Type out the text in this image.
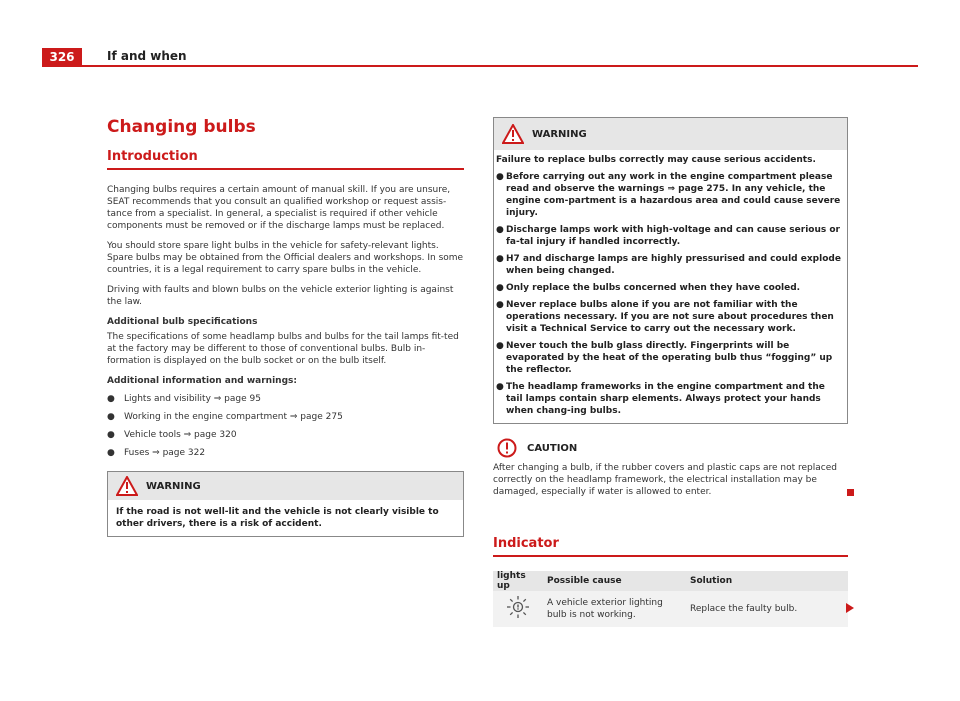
326	If and when
Changing bulbs
Introduction

Changing bulbs requires a certain amount of manual skill. If you are unsure, SEAT recommends that you consult an qualified workshop or request assis-tance from a specialist. In general, a specialist is required if other vehicle components must be removed or if the discharge lamps must be replaced.

You should store spare light bulbs in the vehicle for safety-relevant lights. Spare bulbs may be obtained from the Official dealers and workshops. In some countries, it is a legal requirement to carry spare bulbs in the vehicle.

Driving with faults and blown bulbs on the vehicle exterior lighting is against the law.

Additional bulb specifications

The specifications of some headlamp bulbs and bulbs for the tail lamps fit-ted at the factory may be different to those of conventional bulbs. Bulb in-formation is displayed on the bulb socket or on the bulb itself.

Additional information and warnings:
● Lights and visibility ⇒ page 95
● Working in the engine compartment ⇒ page 275
● Vehicle tools ⇒ page 320
● Fuses ⇒ page 322
WARNING
If the road is not well-lit and the vehicle is not clearly visible to other drivers, there is a risk of accident.
WARNING
Failure to replace bulbs correctly may cause serious accidents.
● Before carrying out any work in the engine compartment please read and observe the warnings ⇒ page 275. In any vehicle, the engine com-partment is a hazardous area and could cause severe injury.
● Discharge lamps work with high-voltage and can cause serious or fa-tal injury if handled incorrectly.
● H7 and discharge lamps are highly pressurised and could explode when being changed.
● Only replace the bulbs concerned when they have cooled.
● Never replace bulbs alone if you are not familiar with the operations necessary. If you are not sure about procedures then visit a Technical Service to carry out the necessary work.
● Never touch the bulb glass directly. Fingerprints will be evaporated by the heat of the operating bulb thus “fogging” up the reflector.
● The headlamp frameworks in the engine compartment and the tail lamps contain sharp elements. Always protect your hands when chang-ing bulbs.
CAUTION
After changing a bulb, if the rubber covers and plastic caps are not replaced correctly on the headlamp framework, the electrical installation may be damaged, especially if water is allowed to enter.
Indicator
lights up	Possible cause	Solution
	A vehicle exterior lighting bulb is not working.	Replace the faulty bulb.
